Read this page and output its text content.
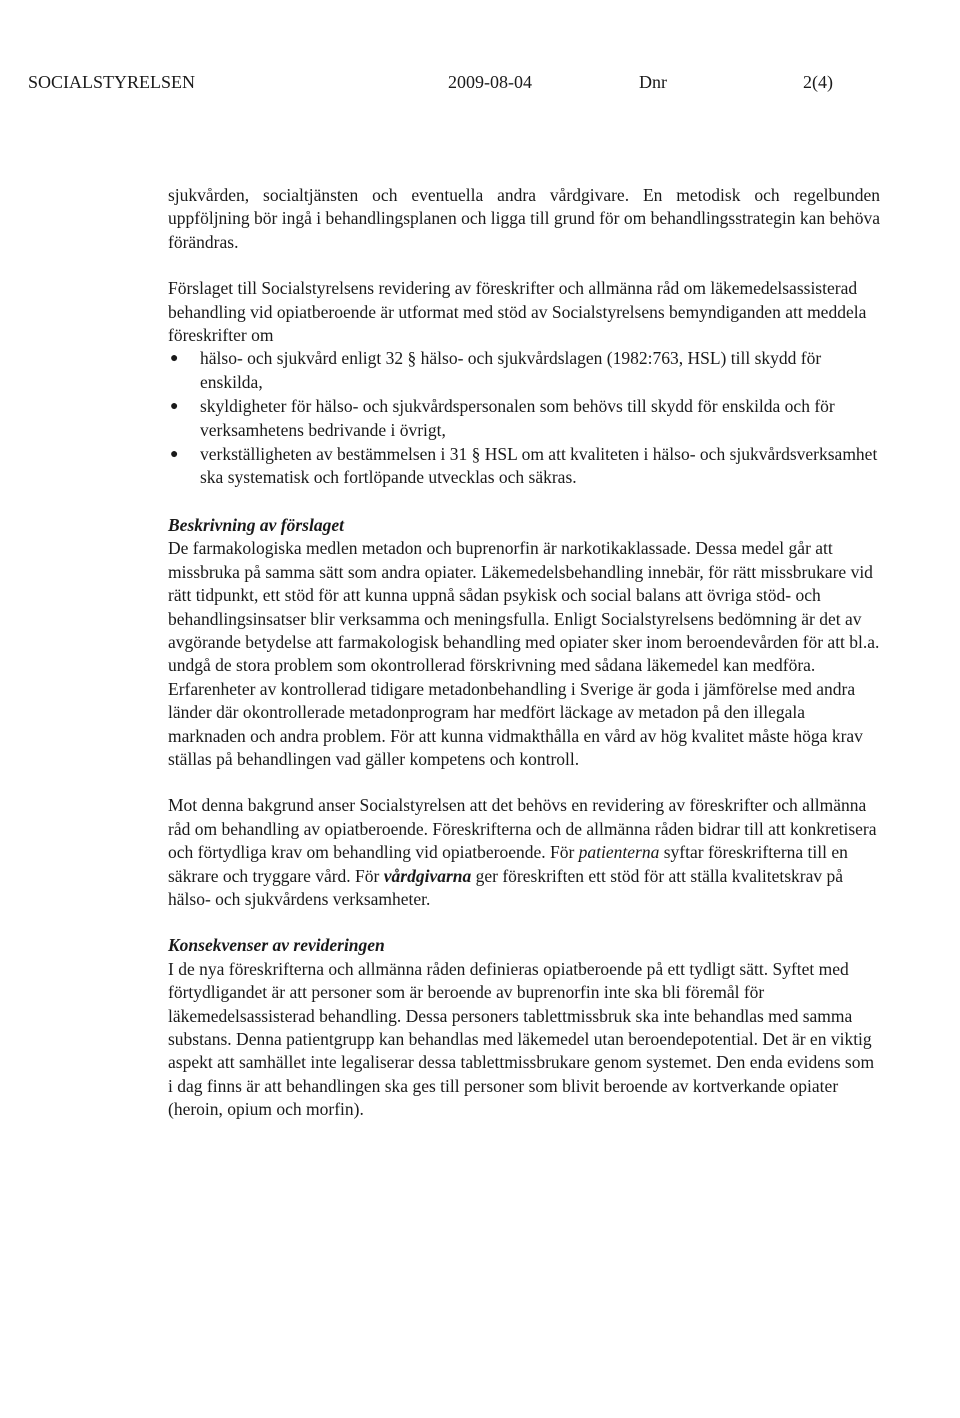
SOCIALSTYRELSEN	2009-08-04	Dnr	2(4)

sjukvården, socialtjänsten och eventuella andra vårdgivare. En metodisk och regelbunden uppföljning bör ingå i behandlingsplanen och ligga till grund för om behandlingsstrategin kan behöva förändras.

Förslaget till Socialstyrelsens revidering av föreskrifter och allmänna råd om läkemedelsassisterad behandling vid opiatberoende är utformat med stöd av Socialstyrelsens bemyndiganden att meddela föreskrifter om

● hälso- och sjukvård enligt 32 § hälso- och sjukvårdslagen (1982:763, HSL) till skydd för enskilda,
● skyldigheter för hälso- och sjukvårdspersonalen som behövs till skydd för enskilda och för verksamhetens bedrivande i övrigt,
● verkställigheten av bestämmelsen i 31 § HSL om att kvaliteten i hälso- och sjukvårdsverksamhet ska systematisk och fortlöpande utvecklas och säkras.

Beskrivning av förslaget

De farmakologiska medlen metadon och buprenorfin är narkotikaklassade. Dessa medel går att missbruka på samma sätt som andra opiater. Läkemedelsbehandling innebär, för rätt missbrukare vid rätt tidpunkt, ett stöd för att kunna uppnå sådan psykisk och social balans att övriga stöd- och behandlingsinsatser blir verksamma och meningsfulla. Enligt Socialstyrelsens bedömning är det av avgörande betydelse att farmakologisk behandling med opiater sker inom beroendevården för att bl.a. undgå de stora problem som okontrollerad förskrivning med sådana läkemedel kan medföra. Erfarenheter av kontrollerad tidigare metadonbehandling i Sverige är goda i jämförelse med andra länder där okontrollerade metadonprogram har medfört läckage av metadon på den illegala marknaden och andra problem. För att kunna vidmakthålla en vård av hög kvalitet måste höga krav ställas på behandlingen vad gäller kompetens och kontroll.

Mot denna bakgrund anser Socialstyrelsen att det behövs en revidering av föreskrifter och allmänna råd om behandling av opiatberoende. Föreskrifterna och de allmänna råden bidrar till att konkretisera och förtydliga krav om behandling vid opiatberoende. För patienterna syftar föreskrifterna till en säkrare och tryggare vård. För vårdgivarna ger föreskriften ett stöd för att ställa kvalitetskrav på hälso- och sjukvårdens verksamheter.

Konsekvenser av revideringen

I de nya föreskrifterna och allmänna råden definieras opiatberoende på ett tydligt sätt. Syftet med förtydligandet är att personer som är beroende av buprenorfin inte ska bli föremål för läkemedelsassisterad behandling. Dessa personers tablettmissbruk ska inte behandlas med samma substans. Denna patientgrupp kan behandlas med läkemedel utan beroendepotential. Det är en viktig aspekt att samhället inte legaliserar dessa tablettmissbrukare genom systemet. Den enda evidens som i dag finns är att behandlingen ska ges till personer som blivit beroende av kortverkande opiater (heroin, opium och morfin).
